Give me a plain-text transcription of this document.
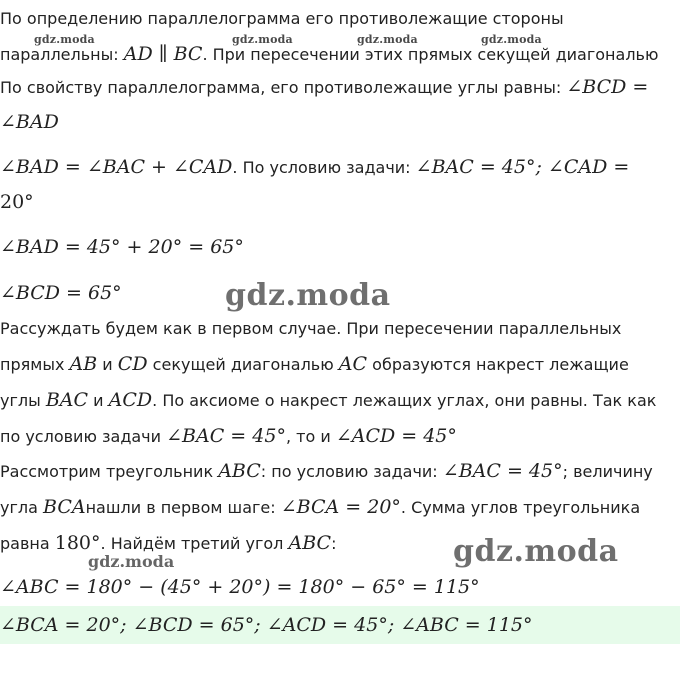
gdz.moda	gdz.moda	gdz.moda	gdz.moda
gdz.moda
gdz.moda
gdz.moda
По определению параллелограмма его противолежащие стороны
параллельны: AD ∥ BC. При пересечении этих прямых секущей диагональю
По свойству параллелограмма, его противолежащие углы равны: ∠BCD =
∠BAD
∠BAD = ∠BAC + ∠CAD. По условию задачи: ∠BAC = 45°; ∠CAD =
20°
∠BAD = 45° + 20° = 65°
∠BCD = 65°
Рассуждать будем как в первом случае. При пересечении параллельных
прямых AB и CD секущей диагональю AC образуются накрест лежащие
углы BAC и ACD. По аксиоме о накрест лежащих углах, они равны. Так как
по условию задачи ∠BAC = 45°, то и ∠ACD = 45°
Рассмотрим треугольник ABC: по условию задачи: ∠BAC = 45°; величину
угла BCAнашли в первом шаге: ∠BCA = 20°. Сумма углов треугольника
равна 180°. Найдём третий угол ABC:
∠ABC = 180° − (45° + 20°) = 180° − 65° = 115°
∠BCA = 20°; ∠BCD = 65°; ∠ACD = 45°; ∠ABC = 115°
